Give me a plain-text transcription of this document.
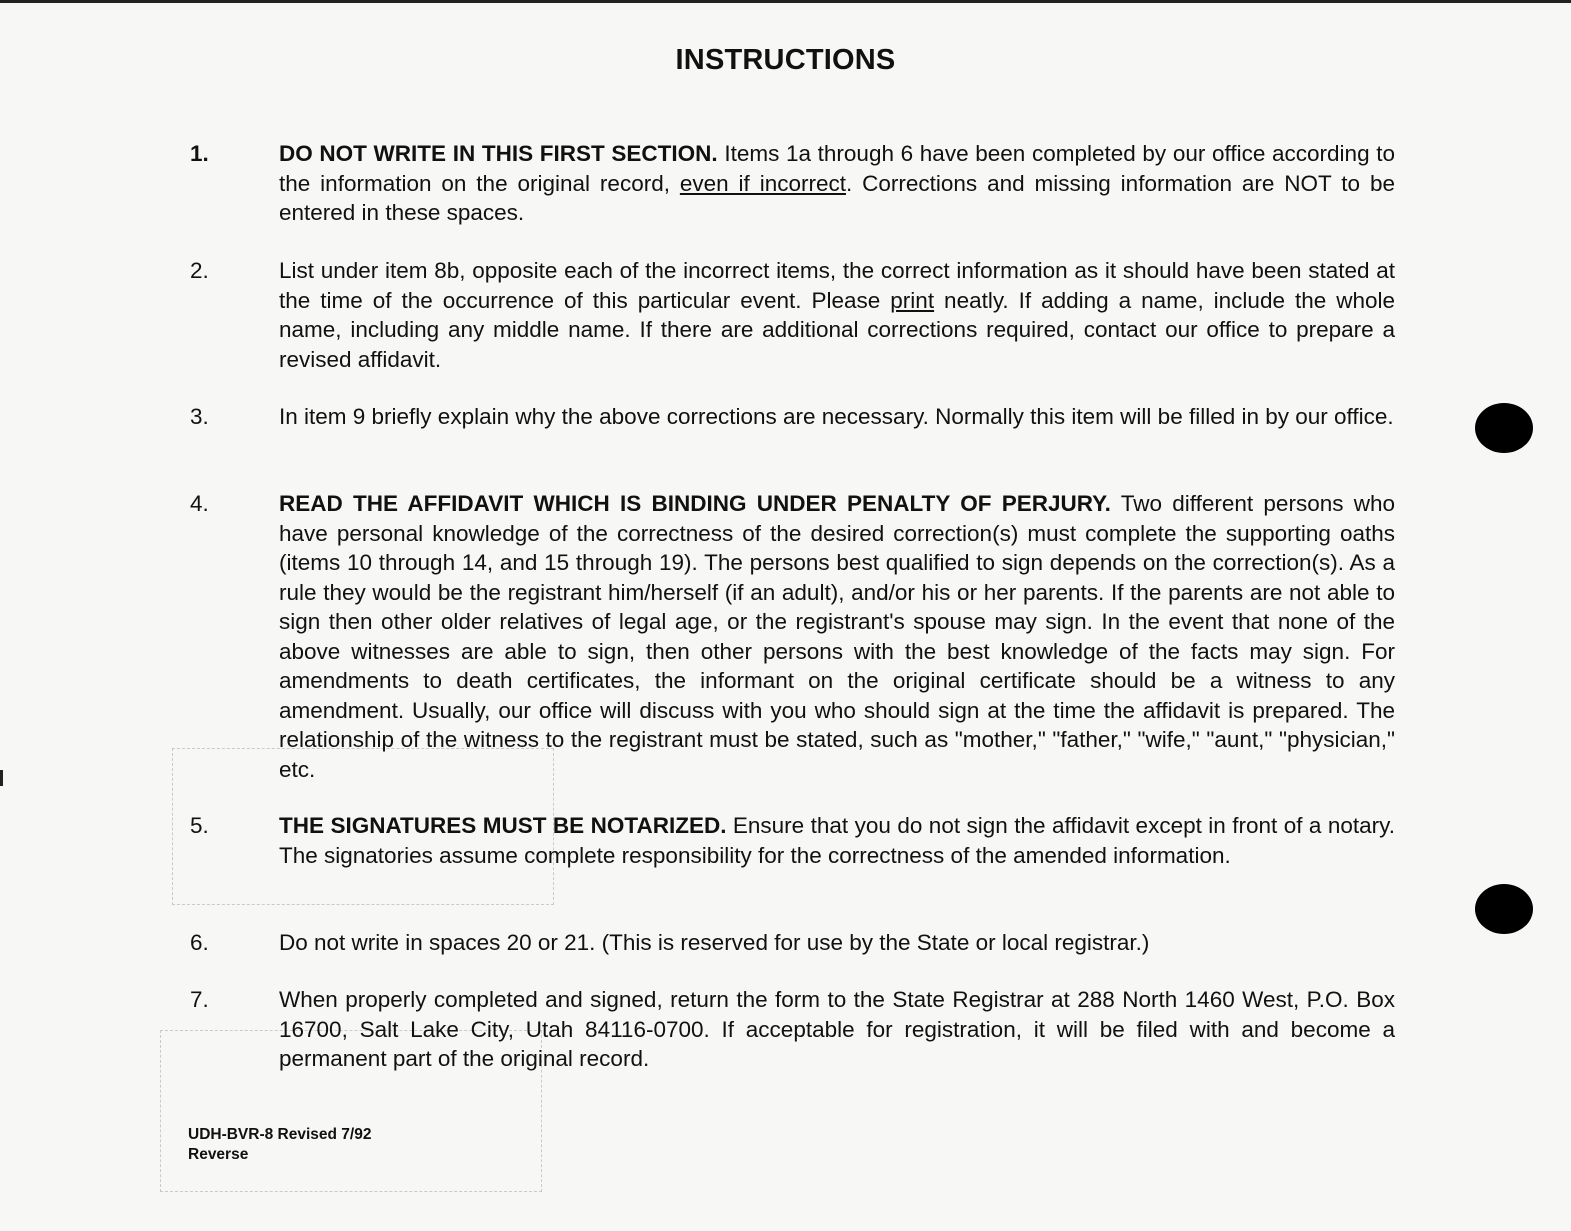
INSTRUCTIONS
1.	DO NOT WRITE IN THIS FIRST SECTION. Items 1a through 6 have been completed by our office according to the information on the original record, even if incorrect. Corrections and missing information are NOT to be entered in these spaces.

2.	List under item 8b, opposite each of the incorrect items, the correct information as it should have been stated at the time of the occurrence of this particular event. Please print neatly. If adding a name, include the whole name, including any middle name. If there are additional corrections required, contact our office to prepare a revised affidavit.

3.	In item 9 briefly explain why the above corrections are necessary. Normally this item will be filled in by our office.

4.	READ THE AFFIDAVIT WHICH IS BINDING UNDER PENALTY OF PERJURY. Two different persons who have personal knowledge of the correctness of the desired correction(s) must complete the supporting oaths (items 10 through 14, and 15 through 19). The persons best qualified to sign depends on the correction(s). As a rule they would be the registrant him/herself (if an adult), and/or his or her parents. If the parents are not able to sign then other older relatives of legal age, or the registrant's spouse may sign. In the event that none of the above witnesses are able to sign, then other persons with the best knowledge of the facts may sign. For amendments to death certificates, the informant on the original certificate should be a witness to any amendment. Usually, our office will discuss with you who should sign at the time the affidavit is prepared. The relationship of the witness to the registrant must be stated, such as "mother," "father," "wife," "aunt," "physician," etc.

5.	THE SIGNATURES MUST BE NOTARIZED. Ensure that you do not sign the affidavit except in front of a notary. The signatories assume complete responsibility for the correctness of the amended information.

6.	Do not write in spaces 20 or 21. (This is reserved for use by the State or local registrar.)

7.	When properly completed and signed, return the form to the State Registrar at 288 North 1460 West, P.O. Box 16700, Salt Lake City, Utah 84116-0700. If acceptable for registration, it will be filed with and become a permanent part of the original record.

UDH-BVR-8 Revised 7/92
Reverse
